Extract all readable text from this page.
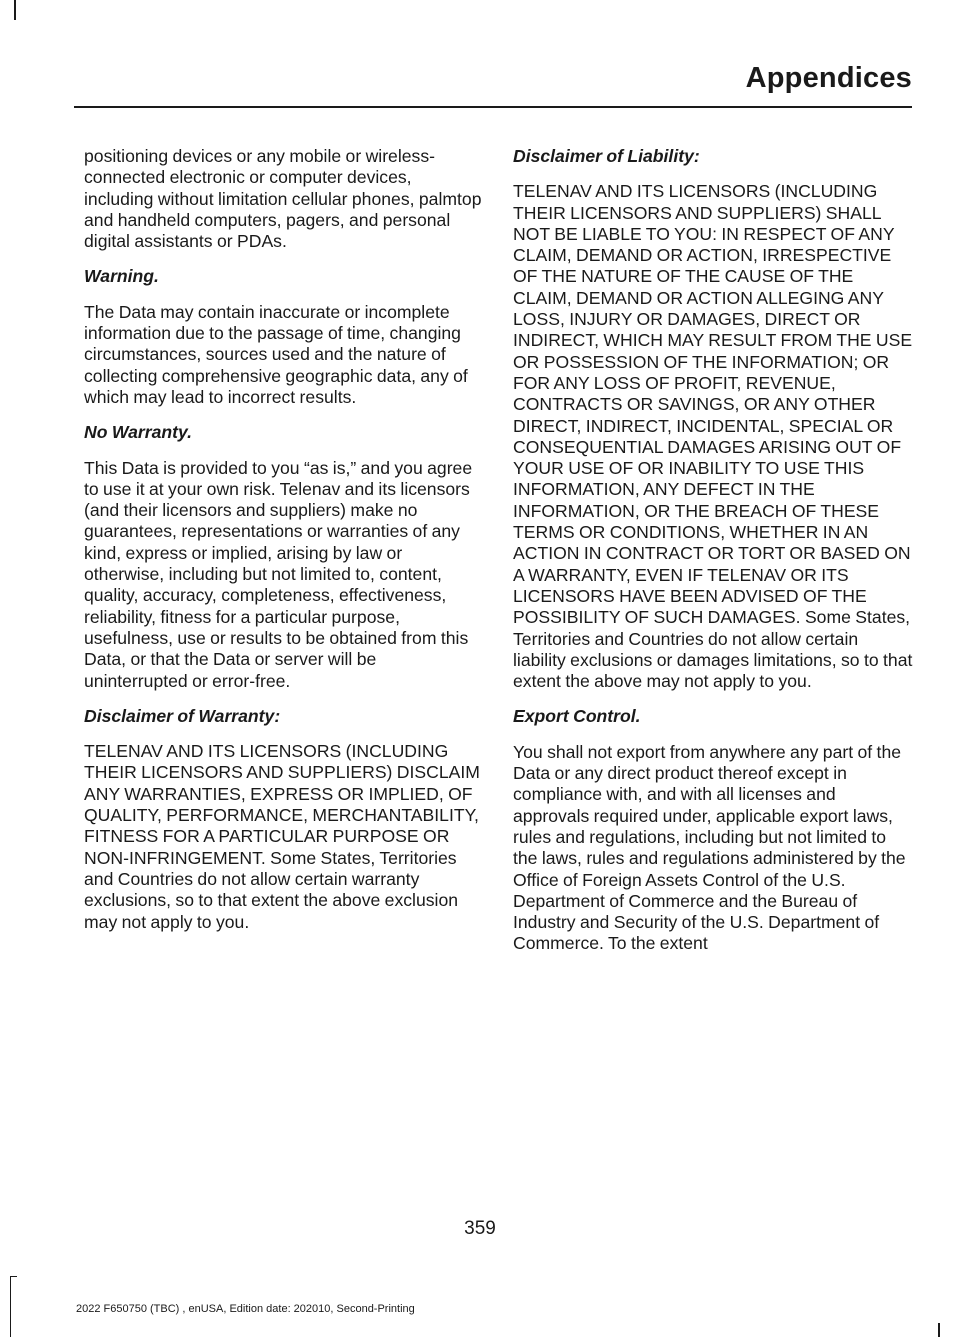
Appendices

positioning devices or any mobile or wireless-connected electronic or computer devices, including without limitation cellular phones, palmtop and handheld computers, pagers, and personal digital assistants or PDAs.

Warning.

The Data may contain inaccurate or incomplete information due to the passage of time, changing circumstances, sources used and the nature of collecting comprehensive geographic data, any of which may lead to incorrect results.

No Warranty.

This Data is provided to you “as is,” and you agree to use it at your own risk. Telenav and its licensors (and their licensors and suppliers) make no guarantees, representations or warranties of any kind, express or implied, arising by law or otherwise, including but not limited to, content, quality, accuracy, completeness, effectiveness, reliability, fitness for a particular purpose, usefulness, use or results to be obtained from this Data, or that the Data or server will be uninterrupted or error-free.

Disclaimer of Warranty:

TELENAV AND ITS LICENSORS (INCLUDING THEIR LICENSORS AND SUPPLIERS) DISCLAIM ANY WARRANTIES, EXPRESS OR IMPLIED, OF QUALITY, PERFORMANCE, MERCHANTABILITY, FITNESS FOR A PARTICULAR PURPOSE OR NON-INFRINGEMENT. Some States, Territories and Countries do not allow certain warranty exclusions, so to that extent the above exclusion may not apply to you.

Disclaimer of Liability:

TELENAV AND ITS LICENSORS (INCLUDING THEIR LICENSORS AND SUPPLIERS) SHALL NOT BE LIABLE TO YOU: IN RESPECT OF ANY CLAIM, DEMAND OR ACTION, IRRESPECTIVE OF THE NATURE OF THE CAUSE OF THE CLAIM, DEMAND OR ACTION ALLEGING ANY LOSS, INJURY OR DAMAGES, DIRECT OR INDIRECT, WHICH MAY RESULT FROM THE USE OR POSSESSION OF THE INFORMATION; OR FOR ANY LOSS OF PROFIT, REVENUE, CONTRACTS OR SAVINGS, OR ANY OTHER DIRECT, INDIRECT, INCIDENTAL, SPECIAL OR CONSEQUENTIAL DAMAGES ARISING OUT OF YOUR USE OF OR INABILITY TO USE THIS INFORMATION, ANY DEFECT IN THE INFORMATION, OR THE BREACH OF THESE TERMS OR CONDITIONS, WHETHER IN AN ACTION IN CONTRACT OR TORT OR BASED ON A WARRANTY, EVEN IF TELENAV OR ITS LICENSORS HAVE BEEN ADVISED OF THE POSSIBILITY OF SUCH DAMAGES. Some States, Territories and Countries do not allow certain liability exclusions or damages limitations, so to that extent the above may not apply to you.

Export Control.

You shall not export from anywhere any part of the Data or any direct product thereof except in compliance with, and with all licenses and approvals required under, applicable export laws, rules and regulations, including but not limited to the laws, rules and regulations administered by the Office of Foreign Assets Control of the U.S. Department of Commerce and the Bureau of Industry and Security of the U.S. Department of Commerce. To the extent

359
2022 F650750 (TBC) , enUSA, Edition date: 202010, Second-Printing
